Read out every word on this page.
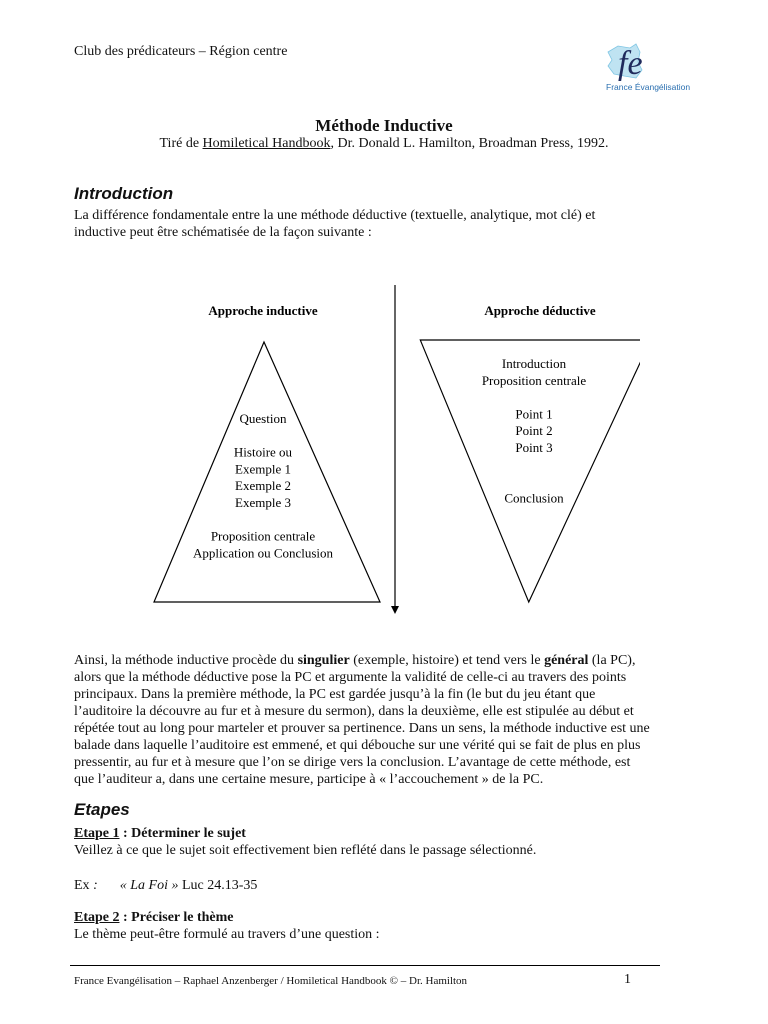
Club des prédicateurs – Région centre	fe
France Évangélisation
Méthode Inductive
Tiré de Homiletical Handbook, Dr. Donald L. Hamilton, Broadman Press, 1992.
Introduction
La différence fondamentale entre la une méthode déductive (textuelle, analytique, mot clé) et
inductive peut être schématisée de la façon suivante :
Approche inductive	Approche déductive
Question
Histoire ou
Exemple 1
Exemple 2
Exemple 3
Proposition centrale
Application ou Conclusion
Introduction
Proposition centrale
Point 1
Point 2
Point 3
Conclusion
Ainsi, la méthode inductive procède du singulier (exemple, histoire) et tend vers le général (la PC),
alors que la méthode déductive pose la PC et argumente la validité de celle-ci au travers des points
principaux. Dans la première méthode, la PC est gardée jusqu’à la fin (le but du jeu étant que
l’auditoire la découvre au fur et à mesure du sermon), dans la deuxième, elle est stipulée au début et
répétée tout au long pour marteler et prouver sa pertinence. Dans un sens, la méthode inductive est une
balade dans laquelle l’auditoire est emmené, et qui débouche sur une vérité qui se fait de plus en plus
pressentir, au fur et à mesure que l’on se dirige vers la conclusion. L’avantage de cette méthode, est
que l’auditeur a, dans une certaine mesure, participe à « l’accouchement » de la PC.
Etapes
Etape 1 : Déterminer le sujet
Veillez à ce que le sujet soit effectivement bien reflété dans le passage sélectionné.
Ex : « La Foi » Luc 24.13-35
Etape 2 : Préciser le thème
Le thème peut-être formulé au travers d’une question :
France Evangélisation – Raphael Anzenberger / Homiletical Handbook © – Dr. Hamilton	1
